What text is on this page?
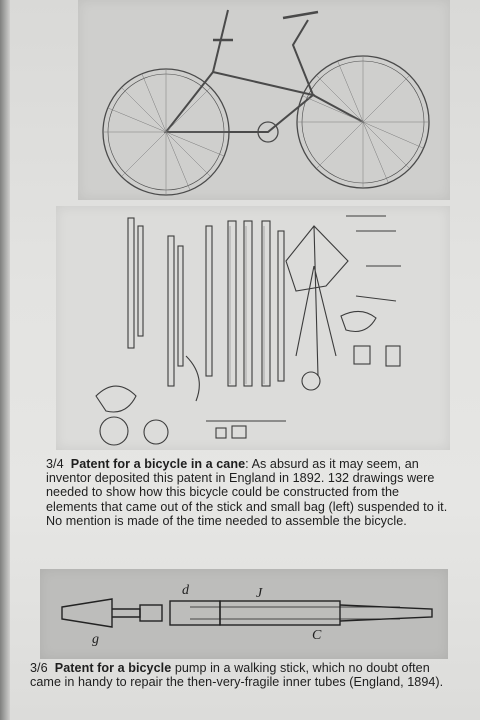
3/4 Patent for a bicycle in a cane: As absurd as it may seem, an inventor deposited this patent in England in 1892. 132 drawings were needed to show how this bicycle could be constructed from the elements that came out of the stick and small bag (left) suspended to it. No mention is made of the time needed to assemble the bicycle.

d	J
g	C

3/6 Patent for a bicycle pump in a walking stick, which no doubt often came in handy to repair the then-very-fragile inner tubes (England, 1894).
